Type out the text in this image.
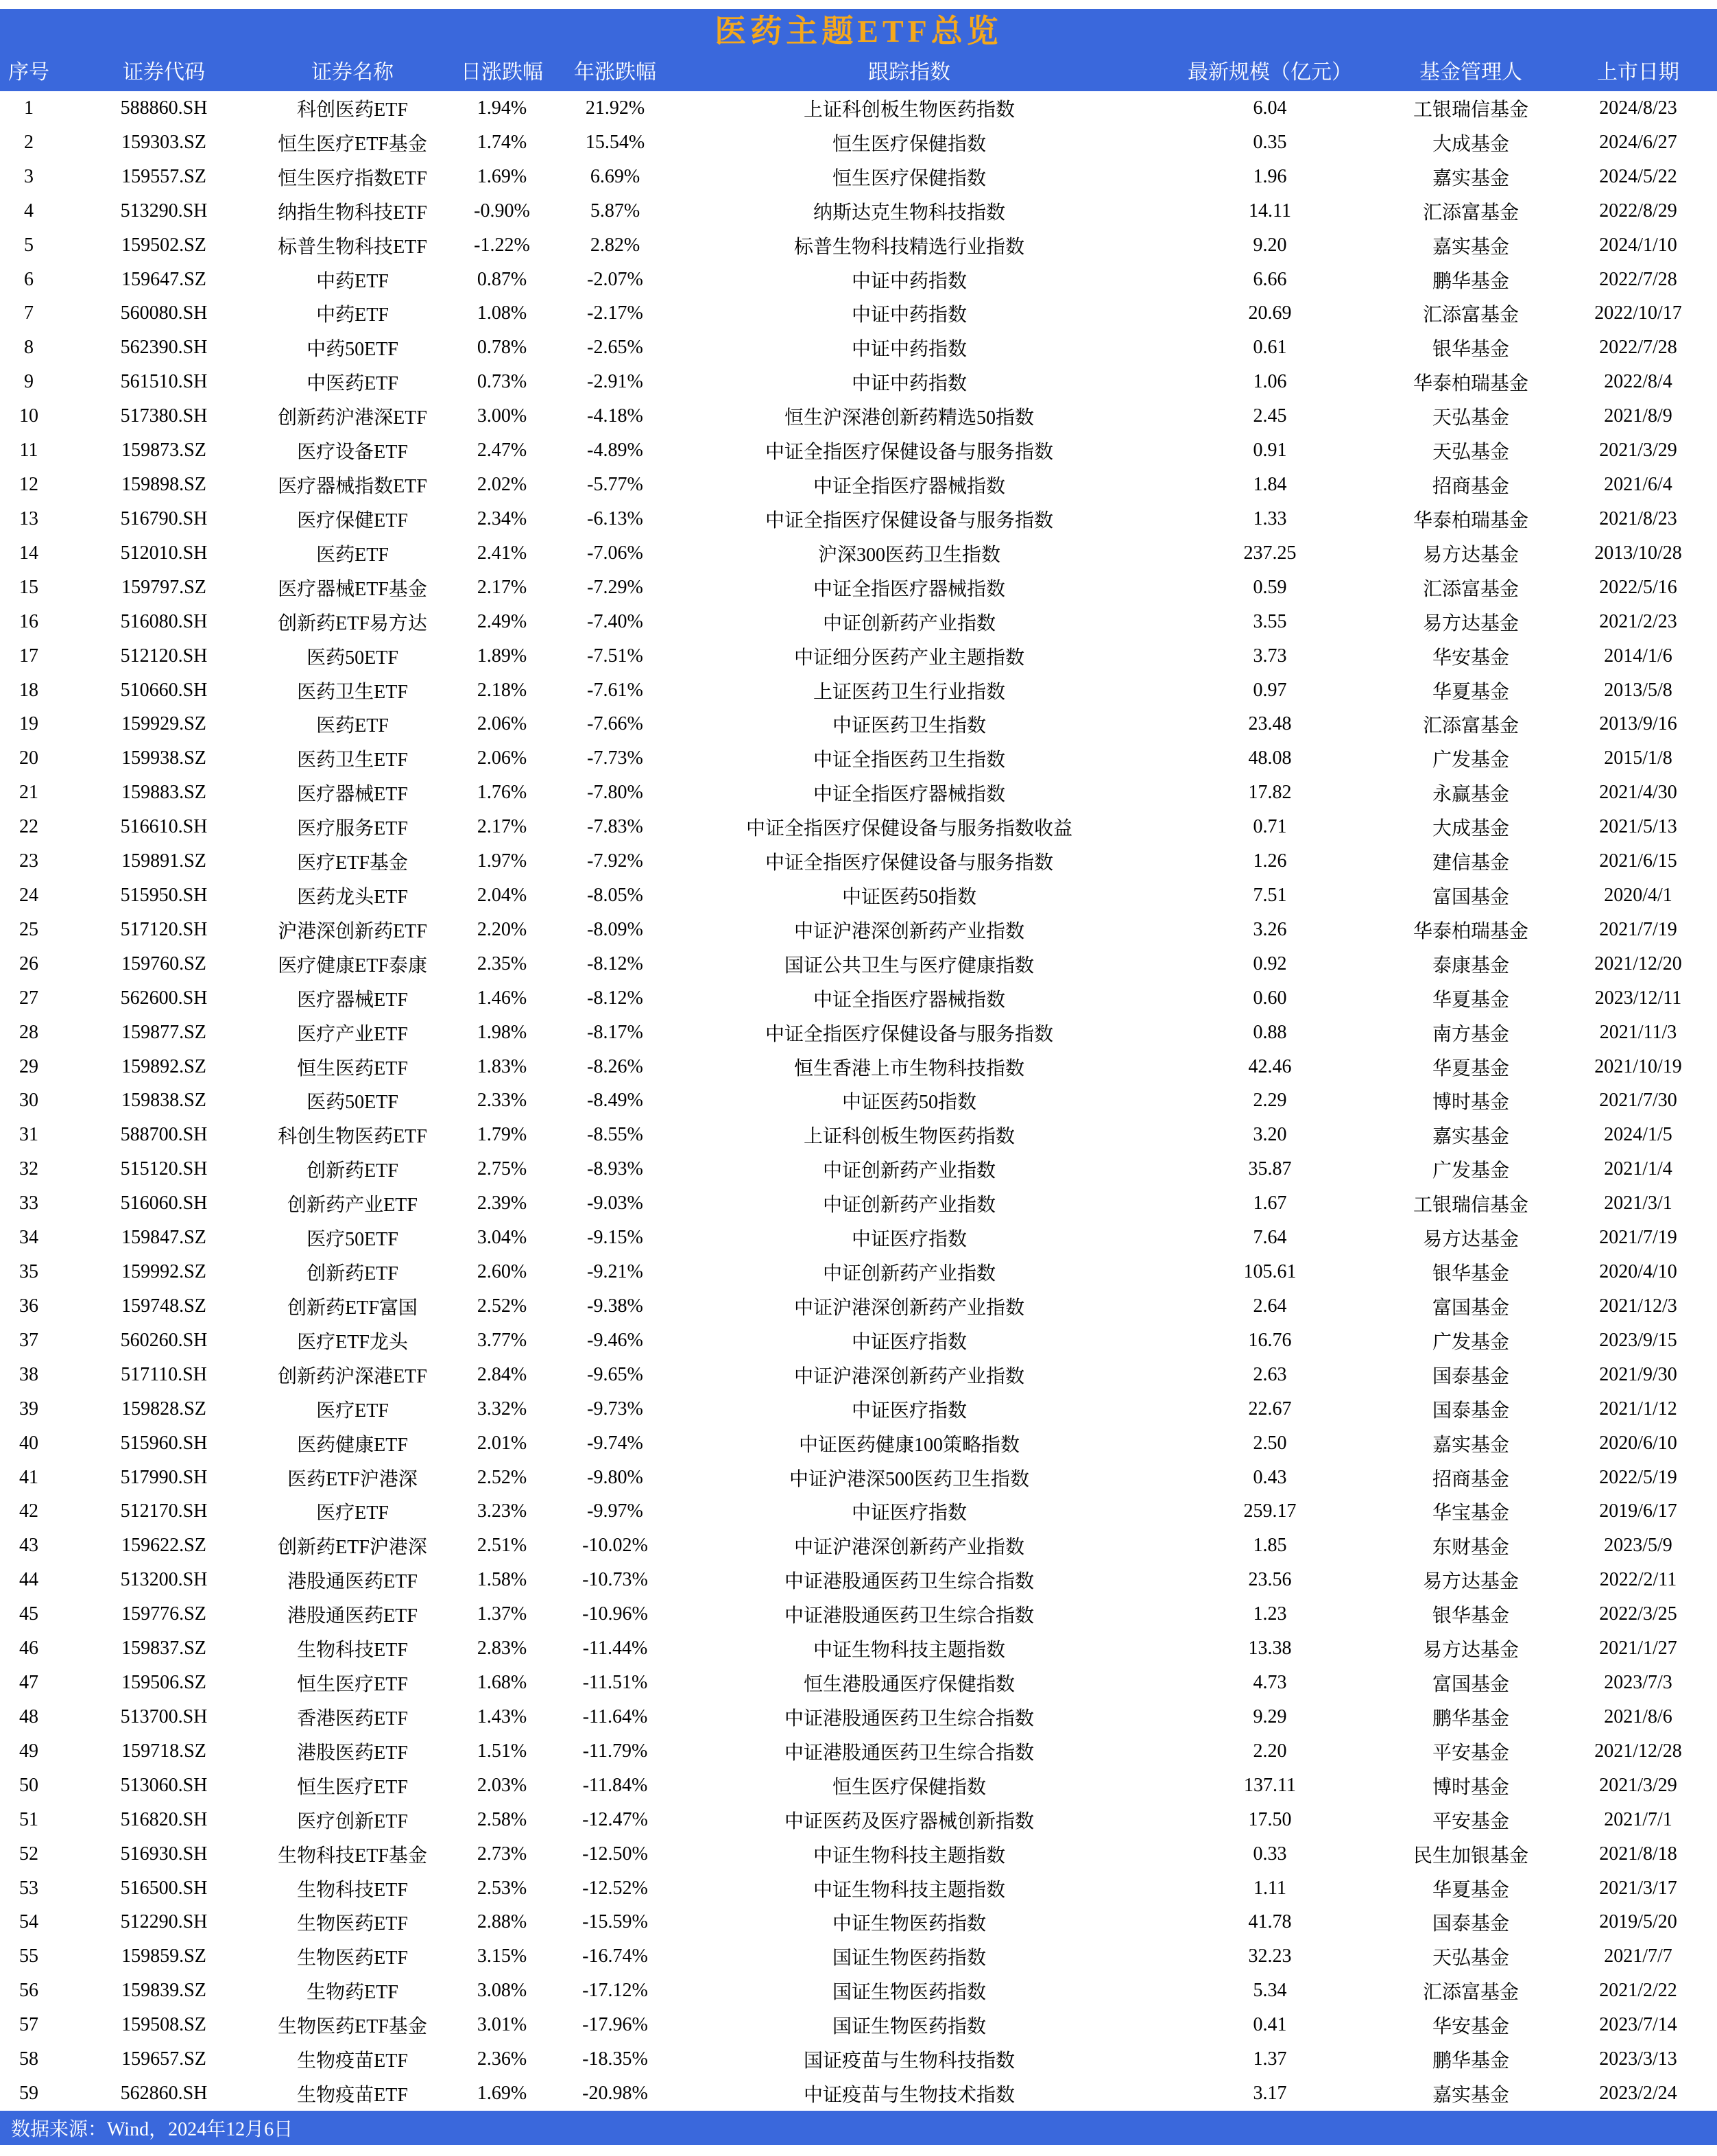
医药主题ETF总览
序号	证券代码	证券名称	日涨跌幅	年涨跌幅	跟踪指数	最新规模（亿元）	基金管理人	上市日期
1	588860.SH	科创医药ETF	1.94%	21.92%	上证科创板生物医药指数	6.04	工银瑞信基金	2024/8/23
2	159303.SZ	恒生医疗ETF基金	1.74%	15.54%	恒生医疗保健指数	0.35	大成基金	2024/6/27
3	159557.SZ	恒生医疗指数ETF	1.69%	6.69%	恒生医疗保健指数	1.96	嘉实基金	2024/5/22
4	513290.SH	纳指生物科技ETF	-0.90%	5.87%	纳斯达克生物科技指数	14.11	汇添富基金	2022/8/29
5	159502.SZ	标普生物科技ETF	-1.22%	2.82%	标普生物科技精选行业指数	9.20	嘉实基金	2024/1/10
6	159647.SZ	中药ETF	0.87%	-2.07%	中证中药指数	6.66	鹏华基金	2022/7/28
7	560080.SH	中药ETF	1.08%	-2.17%	中证中药指数	20.69	汇添富基金	2022/10/17
8	562390.SH	中药50ETF	0.78%	-2.65%	中证中药指数	0.61	银华基金	2022/7/28
9	561510.SH	中医药ETF	0.73%	-2.91%	中证中药指数	1.06	华泰柏瑞基金	2022/8/4
10	517380.SH	创新药沪港深ETF	3.00%	-4.18%	恒生沪深港创新药精选50指数	2.45	天弘基金	2021/8/9
11	159873.SZ	医疗设备ETF	2.47%	-4.89%	中证全指医疗保健设备与服务指数	0.91	天弘基金	2021/3/29
12	159898.SZ	医疗器械指数ETF	2.02%	-5.77%	中证全指医疗器械指数	1.84	招商基金	2021/6/4
13	516790.SH	医疗保健ETF	2.34%	-6.13%	中证全指医疗保健设备与服务指数	1.33	华泰柏瑞基金	2021/8/23
14	512010.SH	医药ETF	2.41%	-7.06%	沪深300医药卫生指数	237.25	易方达基金	2013/10/28
15	159797.SZ	医疗器械ETF基金	2.17%	-7.29%	中证全指医疗器械指数	0.59	汇添富基金	2022/5/16
16	516080.SH	创新药ETF易方达	2.49%	-7.40%	中证创新药产业指数	3.55	易方达基金	2021/2/23
17	512120.SH	医药50ETF	1.89%	-7.51%	中证细分医药产业主题指数	3.73	华安基金	2014/1/6
18	510660.SH	医药卫生ETF	2.18%	-7.61%	上证医药卫生行业指数	0.97	华夏基金	2013/5/8
19	159929.SZ	医药ETF	2.06%	-7.66%	中证医药卫生指数	23.48	汇添富基金	2013/9/16
20	159938.SZ	医药卫生ETF	2.06%	-7.73%	中证全指医药卫生指数	48.08	广发基金	2015/1/8
21	159883.SZ	医疗器械ETF	1.76%	-7.80%	中证全指医疗器械指数	17.82	永赢基金	2021/4/30
22	516610.SH	医疗服务ETF	2.17%	-7.83%	中证全指医疗保健设备与服务指数收益	0.71	大成基金	2021/5/13
23	159891.SZ	医疗ETF基金	1.97%	-7.92%	中证全指医疗保健设备与服务指数	1.26	建信基金	2021/6/15
24	515950.SH	医药龙头ETF	2.04%	-8.05%	中证医药50指数	7.51	富国基金	2020/4/1
25	517120.SH	沪港深创新药ETF	2.20%	-8.09%	中证沪港深创新药产业指数	3.26	华泰柏瑞基金	2021/7/19
26	159760.SZ	医疗健康ETF泰康	2.35%	-8.12%	国证公共卫生与医疗健康指数	0.92	泰康基金	2021/12/20
27	562600.SH	医疗器械ETF	1.46%	-8.12%	中证全指医疗器械指数	0.60	华夏基金	2023/12/11
28	159877.SZ	医疗产业ETF	1.98%	-8.17%	中证全指医疗保健设备与服务指数	0.88	南方基金	2021/11/3
29	159892.SZ	恒生医药ETF	1.83%	-8.26%	恒生香港上市生物科技指数	42.46	华夏基金	2021/10/19
30	159838.SZ	医药50ETF	2.33%	-8.49%	中证医药50指数	2.29	博时基金	2021/7/30
31	588700.SH	科创生物医药ETF	1.79%	-8.55%	上证科创板生物医药指数	3.20	嘉实基金	2024/1/5
32	515120.SH	创新药ETF	2.75%	-8.93%	中证创新药产业指数	35.87	广发基金	2021/1/4
33	516060.SH	创新药产业ETF	2.39%	-9.03%	中证创新药产业指数	1.67	工银瑞信基金	2021/3/1
34	159847.SZ	医疗50ETF	3.04%	-9.15%	中证医疗指数	7.64	易方达基金	2021/7/19
35	159992.SZ	创新药ETF	2.60%	-9.21%	中证创新药产业指数	105.61	银华基金	2020/4/10
36	159748.SZ	创新药ETF富国	2.52%	-9.38%	中证沪港深创新药产业指数	2.64	富国基金	2021/12/3
37	560260.SH	医疗ETF龙头	3.77%	-9.46%	中证医疗指数	16.76	广发基金	2023/9/15
38	517110.SH	创新药沪深港ETF	2.84%	-9.65%	中证沪港深创新药产业指数	2.63	国泰基金	2021/9/30
39	159828.SZ	医疗ETF	3.32%	-9.73%	中证医疗指数	22.67	国泰基金	2021/1/12
40	515960.SH	医药健康ETF	2.01%	-9.74%	中证医药健康100策略指数	2.50	嘉实基金	2020/6/10
41	517990.SH	医药ETF沪港深	2.52%	-9.80%	中证沪港深500医药卫生指数	0.43	招商基金	2022/5/19
42	512170.SH	医疗ETF	3.23%	-9.97%	中证医疗指数	259.17	华宝基金	2019/6/17
43	159622.SZ	创新药ETF沪港深	2.51%	-10.02%	中证沪港深创新药产业指数	1.85	东财基金	2023/5/9
44	513200.SH	港股通医药ETF	1.58%	-10.73%	中证港股通医药卫生综合指数	23.56	易方达基金	2022/2/11
45	159776.SZ	港股通医药ETF	1.37%	-10.96%	中证港股通医药卫生综合指数	1.23	银华基金	2022/3/25
46	159837.SZ	生物科技ETF	2.83%	-11.44%	中证生物科技主题指数	13.38	易方达基金	2021/1/27
47	159506.SZ	恒生医疗ETF	1.68%	-11.51%	恒生港股通医疗保健指数	4.73	富国基金	2023/7/3
48	513700.SH	香港医药ETF	1.43%	-11.64%	中证港股通医药卫生综合指数	9.29	鹏华基金	2021/8/6
49	159718.SZ	港股医药ETF	1.51%	-11.79%	中证港股通医药卫生综合指数	2.20	平安基金	2021/12/28
50	513060.SH	恒生医疗ETF	2.03%	-11.84%	恒生医疗保健指数	137.11	博时基金	2021/3/29
51	516820.SH	医疗创新ETF	2.58%	-12.47%	中证医药及医疗器械创新指数	17.50	平安基金	2021/7/1
52	516930.SH	生物科技ETF基金	2.73%	-12.50%	中证生物科技主题指数	0.33	民生加银基金	2021/8/18
53	516500.SH	生物科技ETF	2.53%	-12.52%	中证生物科技主题指数	1.11	华夏基金	2021/3/17
54	512290.SH	生物医药ETF	2.88%	-15.59%	中证生物医药指数	41.78	国泰基金	2019/5/20
55	159859.SZ	生物医药ETF	3.15%	-16.74%	国证生物医药指数	32.23	天弘基金	2021/7/7
56	159839.SZ	生物药ETF	3.08%	-17.12%	国证生物医药指数	5.34	汇添富基金	2021/2/22
57	159508.SZ	生物医药ETF基金	3.01%	-17.96%	国证生物医药指数	0.41	华安基金	2023/7/14
58	159657.SZ	生物疫苗ETF	2.36%	-18.35%	国证疫苗与生物科技指数	1.37	鹏华基金	2023/3/13
59	562860.SH	生物疫苗ETF	1.69%	-20.98%	中证疫苗与生物技术指数	3.17	嘉实基金	2023/2/24
数据来源：Wind，2024年12月6日
